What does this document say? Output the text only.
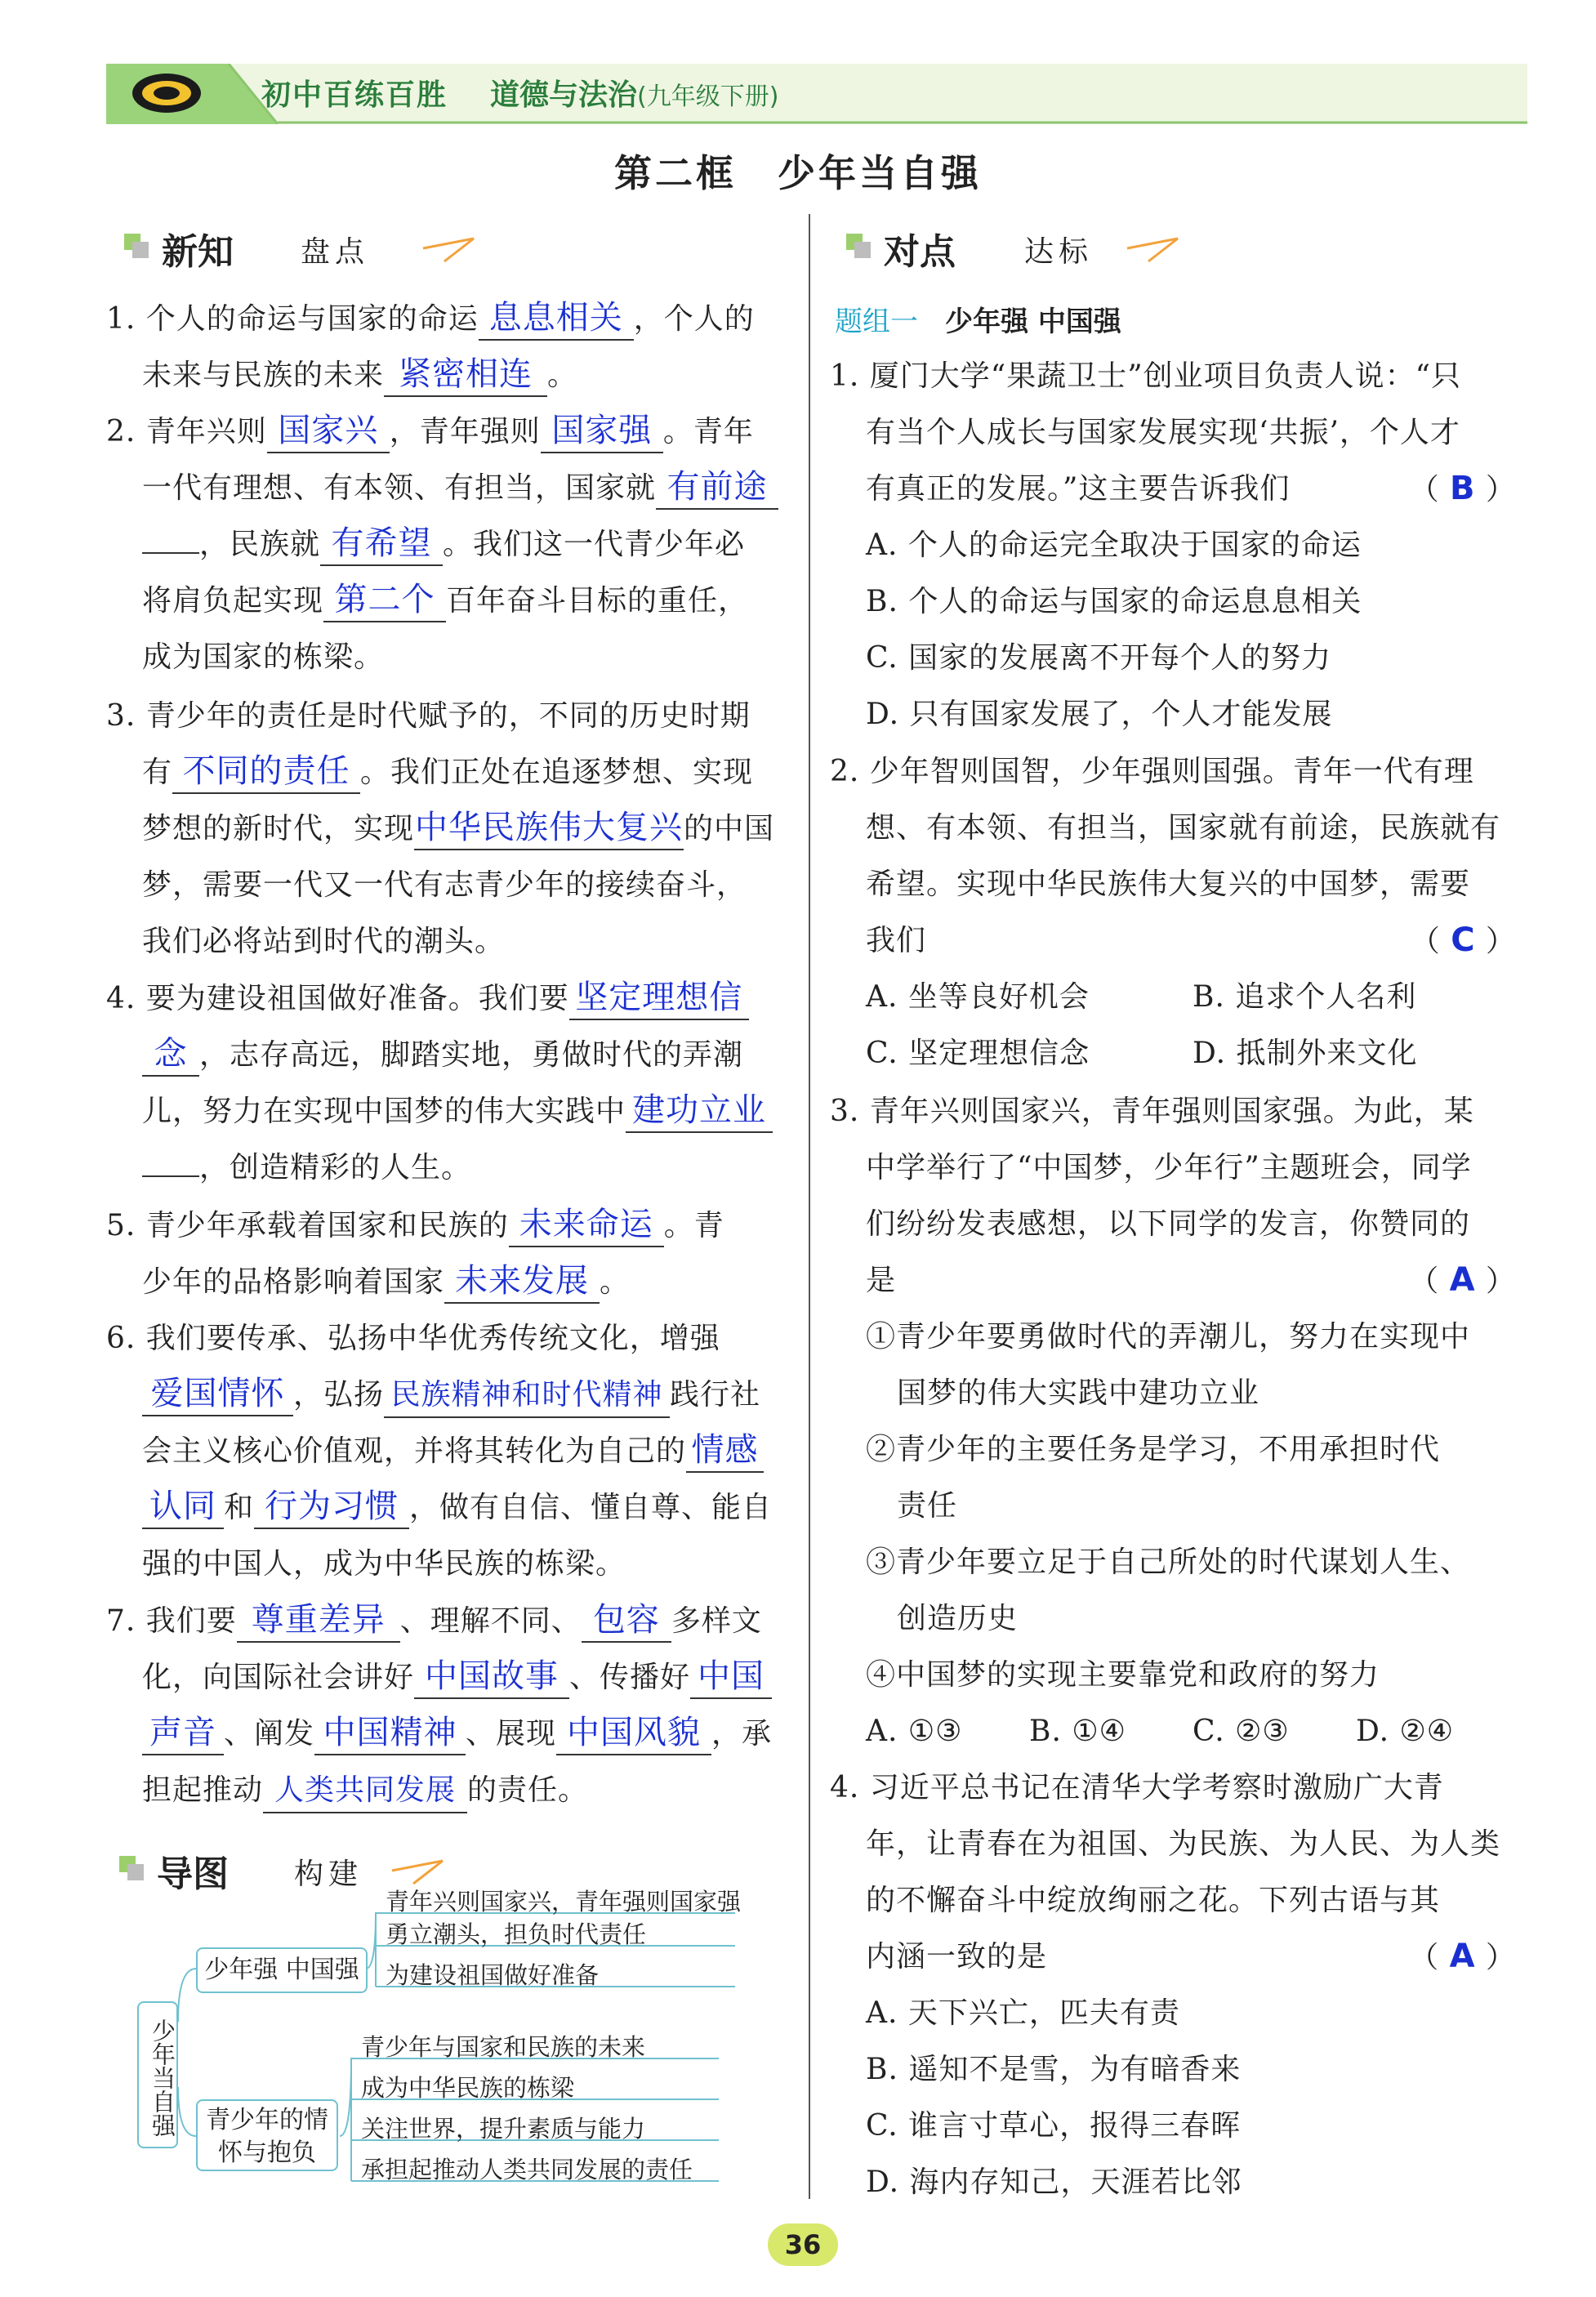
初中百练百胜 道德与法治(九年级下册)
第二框　少年当自强
新知 盘点
1. 个人的命运与国家的命运 息息相关 ，个人的
未来与民族的未来 紧密相连 。
2. 青年兴则 国家兴 ，青年强则 国家强 。青年
一代有理想、有本领、有担当，国家就 有前途
，民族就 有希望 。我们这一代青少年必
将肩负起实现 第二个 百年奋斗目标的重任，
成为国家的栋梁。
3. 青少年的责任是时代赋予的，不同的历史时期
有 不同的责任 。我们正处在追逐梦想、实现
梦想的新时代，实现中华民族伟大复兴的中国
梦，需要一代又一代有志青少年的接续奋斗，
我们必将站到时代的潮头。
4. 要为建设祖国做好准备。我们要 坚定理想信
念 ，志存高远，脚踏实地，勇做时代的弄潮
儿，努力在实现中国梦的伟大实践中 建功立业
，创造精彩的人生。
5. 青少年承载着国家和民族的 未来命运 。青
少年的品格影响着国家 未来发展 。
6. 我们要传承、弘扬中华优秀传统文化，增强
爱国情怀 ，弘扬 民族精神和时代精神 践行社
会主义核心价值观，并将其转化为自己的 情感
认同 和 行为习惯 ，做有自信、懂自尊、能自
强的中国人，成为中华民族的栋梁。
7. 我们要 尊重差异 、理解不同、 包容 多样文
化，向国际社会讲好 中国故事 、传播好 中国
声音 、阐发 中国精神 、展现 中国风貌 ，承
担起推动 人类共同发展 的责任。
导图 构建
少年当自强
少年强 中国强
青少年的情怀与抱负
青年兴则国家兴，青年强则国家强
勇立潮头，担负时代责任
为建设祖国做好准备
青少年与国家和民族的未来
成为中华民族的栋梁
关注世界，提升素质与能力
承担起推动人类共同发展的责任
对点 达标
题组一 少年强 中国强
1. 厦门大学“果蔬卫士”创业项目负责人说：“只
有当个人成长与国家发展实现‘共振’，个人才
有真正的发展。”这主要告诉我们	（ B ）
A. 个人的命运完全取决于国家的命运
B. 个人的命运与国家的命运息息相关
C. 国家的发展离不开每个人的努力
D. 只有国家发展了，个人才能发展
2. 少年智则国智，少年强则国强。青年一代有理
想、有本领、有担当，国家就有前途，民族就有
希望。实现中华民族伟大复兴的中国梦，需要
我们	（ C ）
A. 坐等良好机会	B. 追求个人名利
C. 坚定理想信念	D. 抵制外来文化
3. 青年兴则国家兴，青年强则国家强。为此，某
中学举行了“中国梦，少年行”主题班会，同学
们纷纷发表感想，以下同学的发言，你赞同的
是	（ A ）
①青少年要勇做时代的弄潮儿，努力在实现中
国梦的伟大实践中建功立业
②青少年的主要任务是学习，不用承担时代
责任
③青少年要立足于自己所处的时代谋划人生、
创造历史
④中国梦的实现主要靠党和政府的努力
A. ①③ B. ①④ C. ②③ D. ②④
4. 习近平总书记在清华大学考察时激励广大青
年，让青春在为祖国、为民族、为人民、为人类
的不懈奋斗中绽放绚丽之花。下列古语与其
内涵一致的是	（ A ）
A. 天下兴亡，匹夫有责
B. 遥知不是雪，为有暗香来
C. 谁言寸草心，报得三春晖
D. 海内存知己，天涯若比邻
36
